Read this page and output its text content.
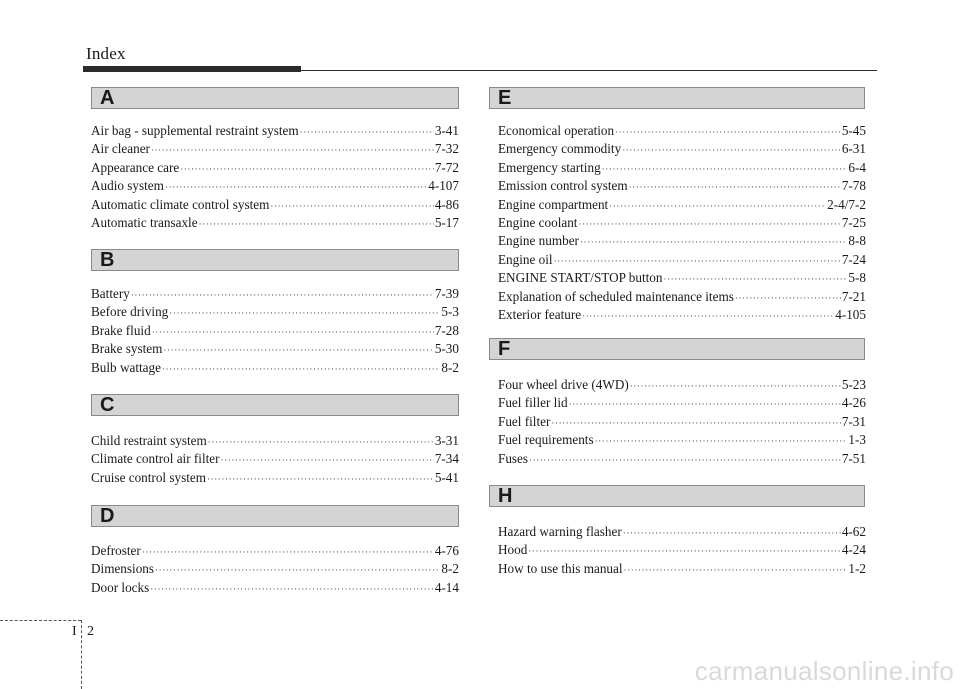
Index
A
Air bag - supplemental restraint system ·····	3-41
Air cleaner ·····	7-32
Appearance care ·····	7-72
Audio system ·····	4-107
Automatic climate control system ·····	4-86
Automatic transaxle ·····	5-17
B
Battery ·····	7-39
Before driving ·····	5-3
Brake fluid ·····	7-28
Brake system ·····	5-30
Bulb wattage ·····	8-2
C
Child restraint system ·····	3-31
Climate control air filter ·····	7-34
Cruise control system ·····	5-41
D
Defroster ·····	4-76
Dimensions ·····	8-2
Door locks ·····	4-14
E
Economical operation ·····	5-45
Emergency commodity ·····	6-31
Emergency starting ·····	6-4
Emission control system ·····	7-78
Engine compartment ·····	2-4/7-2
Engine coolant ·····	7-25
Engine number ·····	8-8
Engine oil ·····	7-24
ENGINE START/STOP button ·····	5-8
Explanation of scheduled maintenance items ·····	7-21
Exterior feature ·····	4-105
F
Four wheel drive (4WD) ·····	5-23
Fuel filler lid ·····	4-26
Fuel filter ·····	7-31
Fuel requirements ·····	1-3
Fuses ·····	7-51
H
Hazard warning flasher ·····	4-62
Hood ·····	4-24
How to use this manual ·····	1-2
I 2
carmanualsonline.info
